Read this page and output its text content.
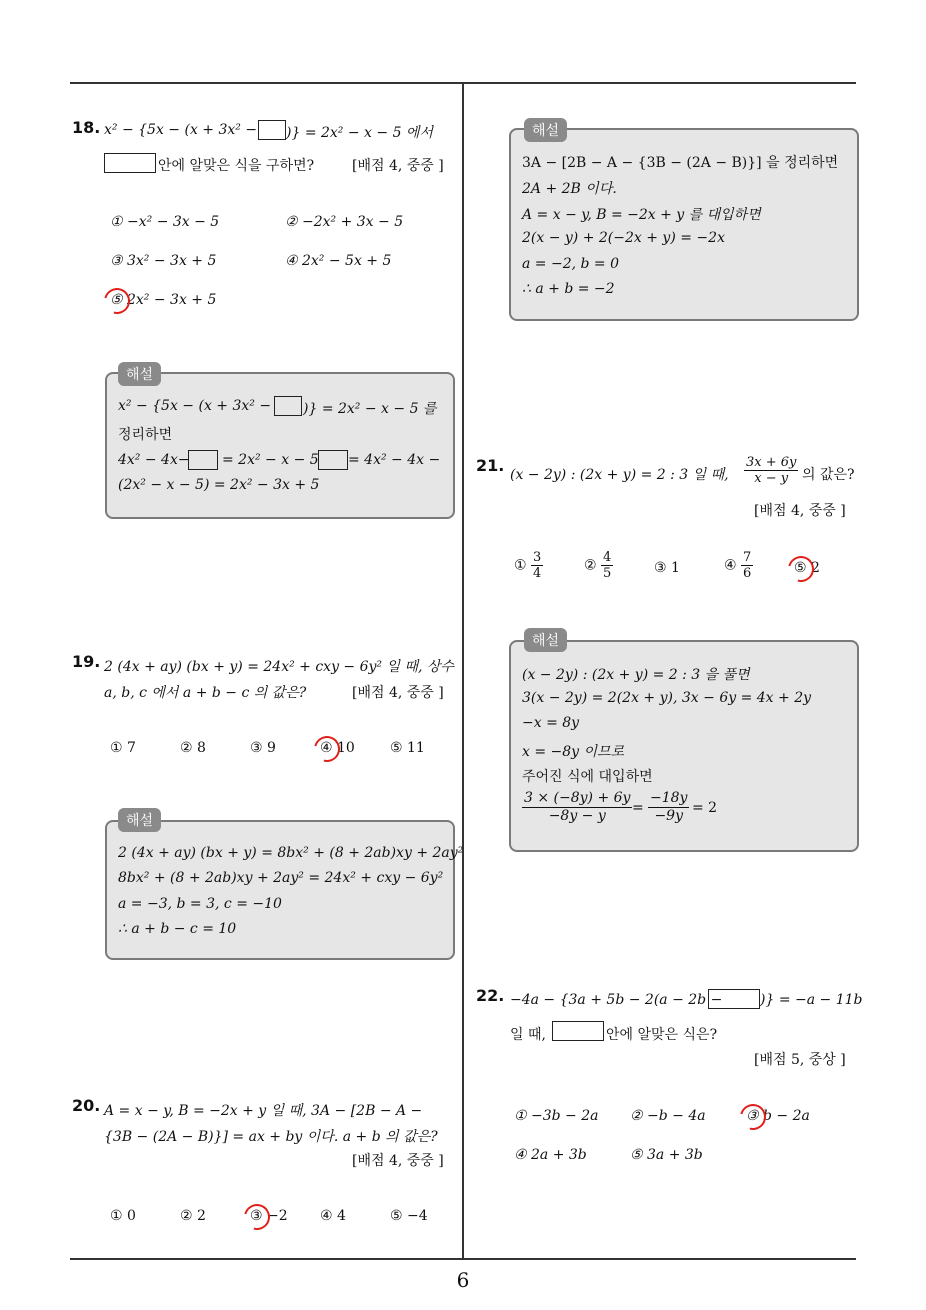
18. x² − {5x − (x + 3x² − )} = 2x² − x − 5 에서
안에 알맞은 식을 구하면?	[배점 4, 중중 ]
① −x² − 3x − 5	② −2x² + 3x − 5
③ 3x² − 3x + 5	④ 2x² − 5x + 5
⑤ 2x² − 3x + 5
해설
x² − {5x − (x + 3x² − )} = 2x² − x − 5 를
정리하면
4x² − 4x− = 2x² − x − 5 = 4x² − 4x −
(2x² − x − 5) = 2x² − 3x + 5
19. 2 (4x + ay) (bx + y) = 24x² + cxy − 6y² 일 때, 상수
a, b, c 에서 a + b − c 의 값은?	[배점 4, 중중 ]
① 7	② 8	③ 9	④ 10	⑤ 11
해설
2 (4x + ay) (bx + y) = 8bx² + (8 + 2ab)xy + 2ay²
8bx² + (8 + 2ab)xy + 2ay² = 24x² + cxy − 6y²
a = −3, b = 3, c = −10
∴ a + b − c = 10
20. A = x − y, B = −2x + y 일 때, 3A − [2B − A −
{3B − (2A − B)}] = ax + by 이다. a + b 의 값은?
[배점 4, 중중 ]
① 0	② 2	③ −2 ④ 4	⑤ −4
해설
3A − [2B − A − {3B − (2A − B)}] 을 정리하면
2A + 2B 이다.
A = x − y, B = −2x + y 를 대입하면
2(x − y) + 2(−2x + y) = −2x
a = −2, b = 0
∴ a + b = −2
21. (x − 2y) : (2x + y) = 2 : 3 일 때, $\frac{3x + 6y}{x - y}$ 의 값은?
[배점 4, 중중 ]
① $\frac{3}{4}$	② $\frac{4}{5}$	③ 1	④ $\frac{7}{6}$	⑤ 2
해설
(x − 2y) : (2x + y) = 2 : 3 을 풀면
3(x − 2y) = 2(2x + y), 3x − 6y = 4x + 2y
−x = 8y
x = −8y 이므로
주어진 식에 대입하면
$\frac{3 \times (-8y) + 6y}{-8y - y} = \frac{-18y}{-9y} = 2$
22. −4a − {3a + 5b − 2(a − 2b −	)} = −a − 11b
일 때,	안에 알맞은 식은?
[배점 5, 중상 ]
① −3b − 2a ② −b − 4a	③ b − 2a
④ 2a + 3b	⑤ 3a + 3b
6
